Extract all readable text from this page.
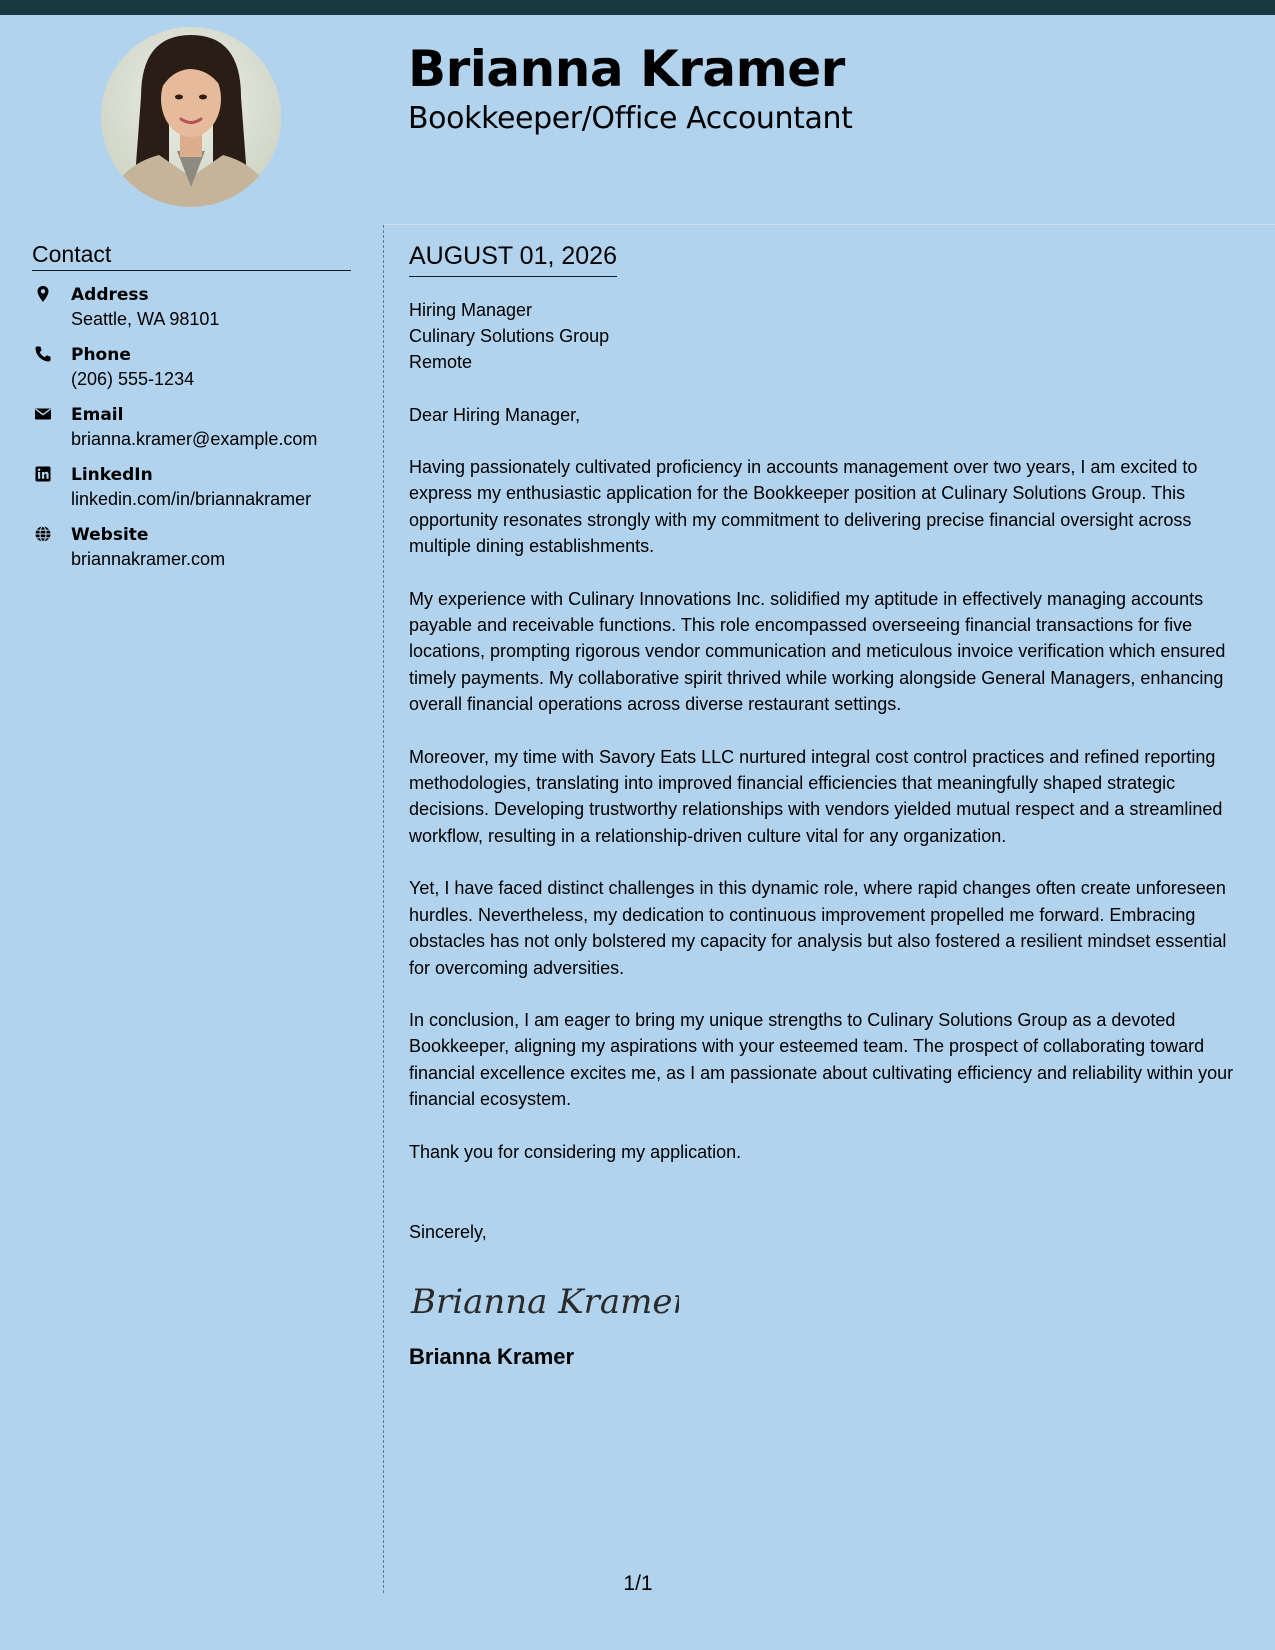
Brianna Kramer
Bookkeeper/Office Accountant
Contact
Address
Seattle, WA 98101
Phone
(206) 555-1234
Email
brianna.kramer@example.com
LinkedIn
linkedin.com/in/briannakramer
Website
briannakramer.com
AUGUST 01, 2026
Hiring Manager
Culinary Solutions Group
Remote
Dear Hiring Manager,
Having passionately cultivated proficiency in accounts management over two years, I am excited to express my enthusiastic application for the Bookkeeper position at Culinary Solutions Group. This opportunity resonates strongly with my commitment to delivering precise financial oversight across multiple dining establishments.
My experience with Culinary Innovations Inc. solidified my aptitude in effectively managing accounts payable and receivable functions. This role encompassed overseeing financial transactions for five locations, prompting rigorous vendor communication and meticulous invoice verification which ensured timely payments. My collaborative spirit thrived while working alongside General Managers, enhancing overall financial operations across diverse restaurant settings.
Moreover, my time with Savory Eats LLC nurtured integral cost control practices and refined reporting methodologies, translating into improved financial efficiencies that meaningfully shaped strategic decisions. Developing trustworthy relationships with vendors yielded mutual respect and a streamlined workflow, resulting in a relationship-driven culture vital for any organization.
Yet, I have faced distinct challenges in this dynamic role, where rapid changes often create unforeseen hurdles. Nevertheless, my dedication to continuous improvement propelled me forward. Embracing obstacles has not only bolstered my capacity for analysis but also fostered a resilient mindset essential for overcoming adversities.
In conclusion, I am eager to bring my unique strengths to Culinary Solutions Group as a devoted Bookkeeper, aligning my aspirations with your esteemed team. The prospect of collaborating toward financial excellence excites me, as I am passionate about cultivating efficiency and reliability within your financial ecosystem.
Thank you for considering my application.
Sincerely,
Brianna Kramer
Brianna Kramer
1/1
